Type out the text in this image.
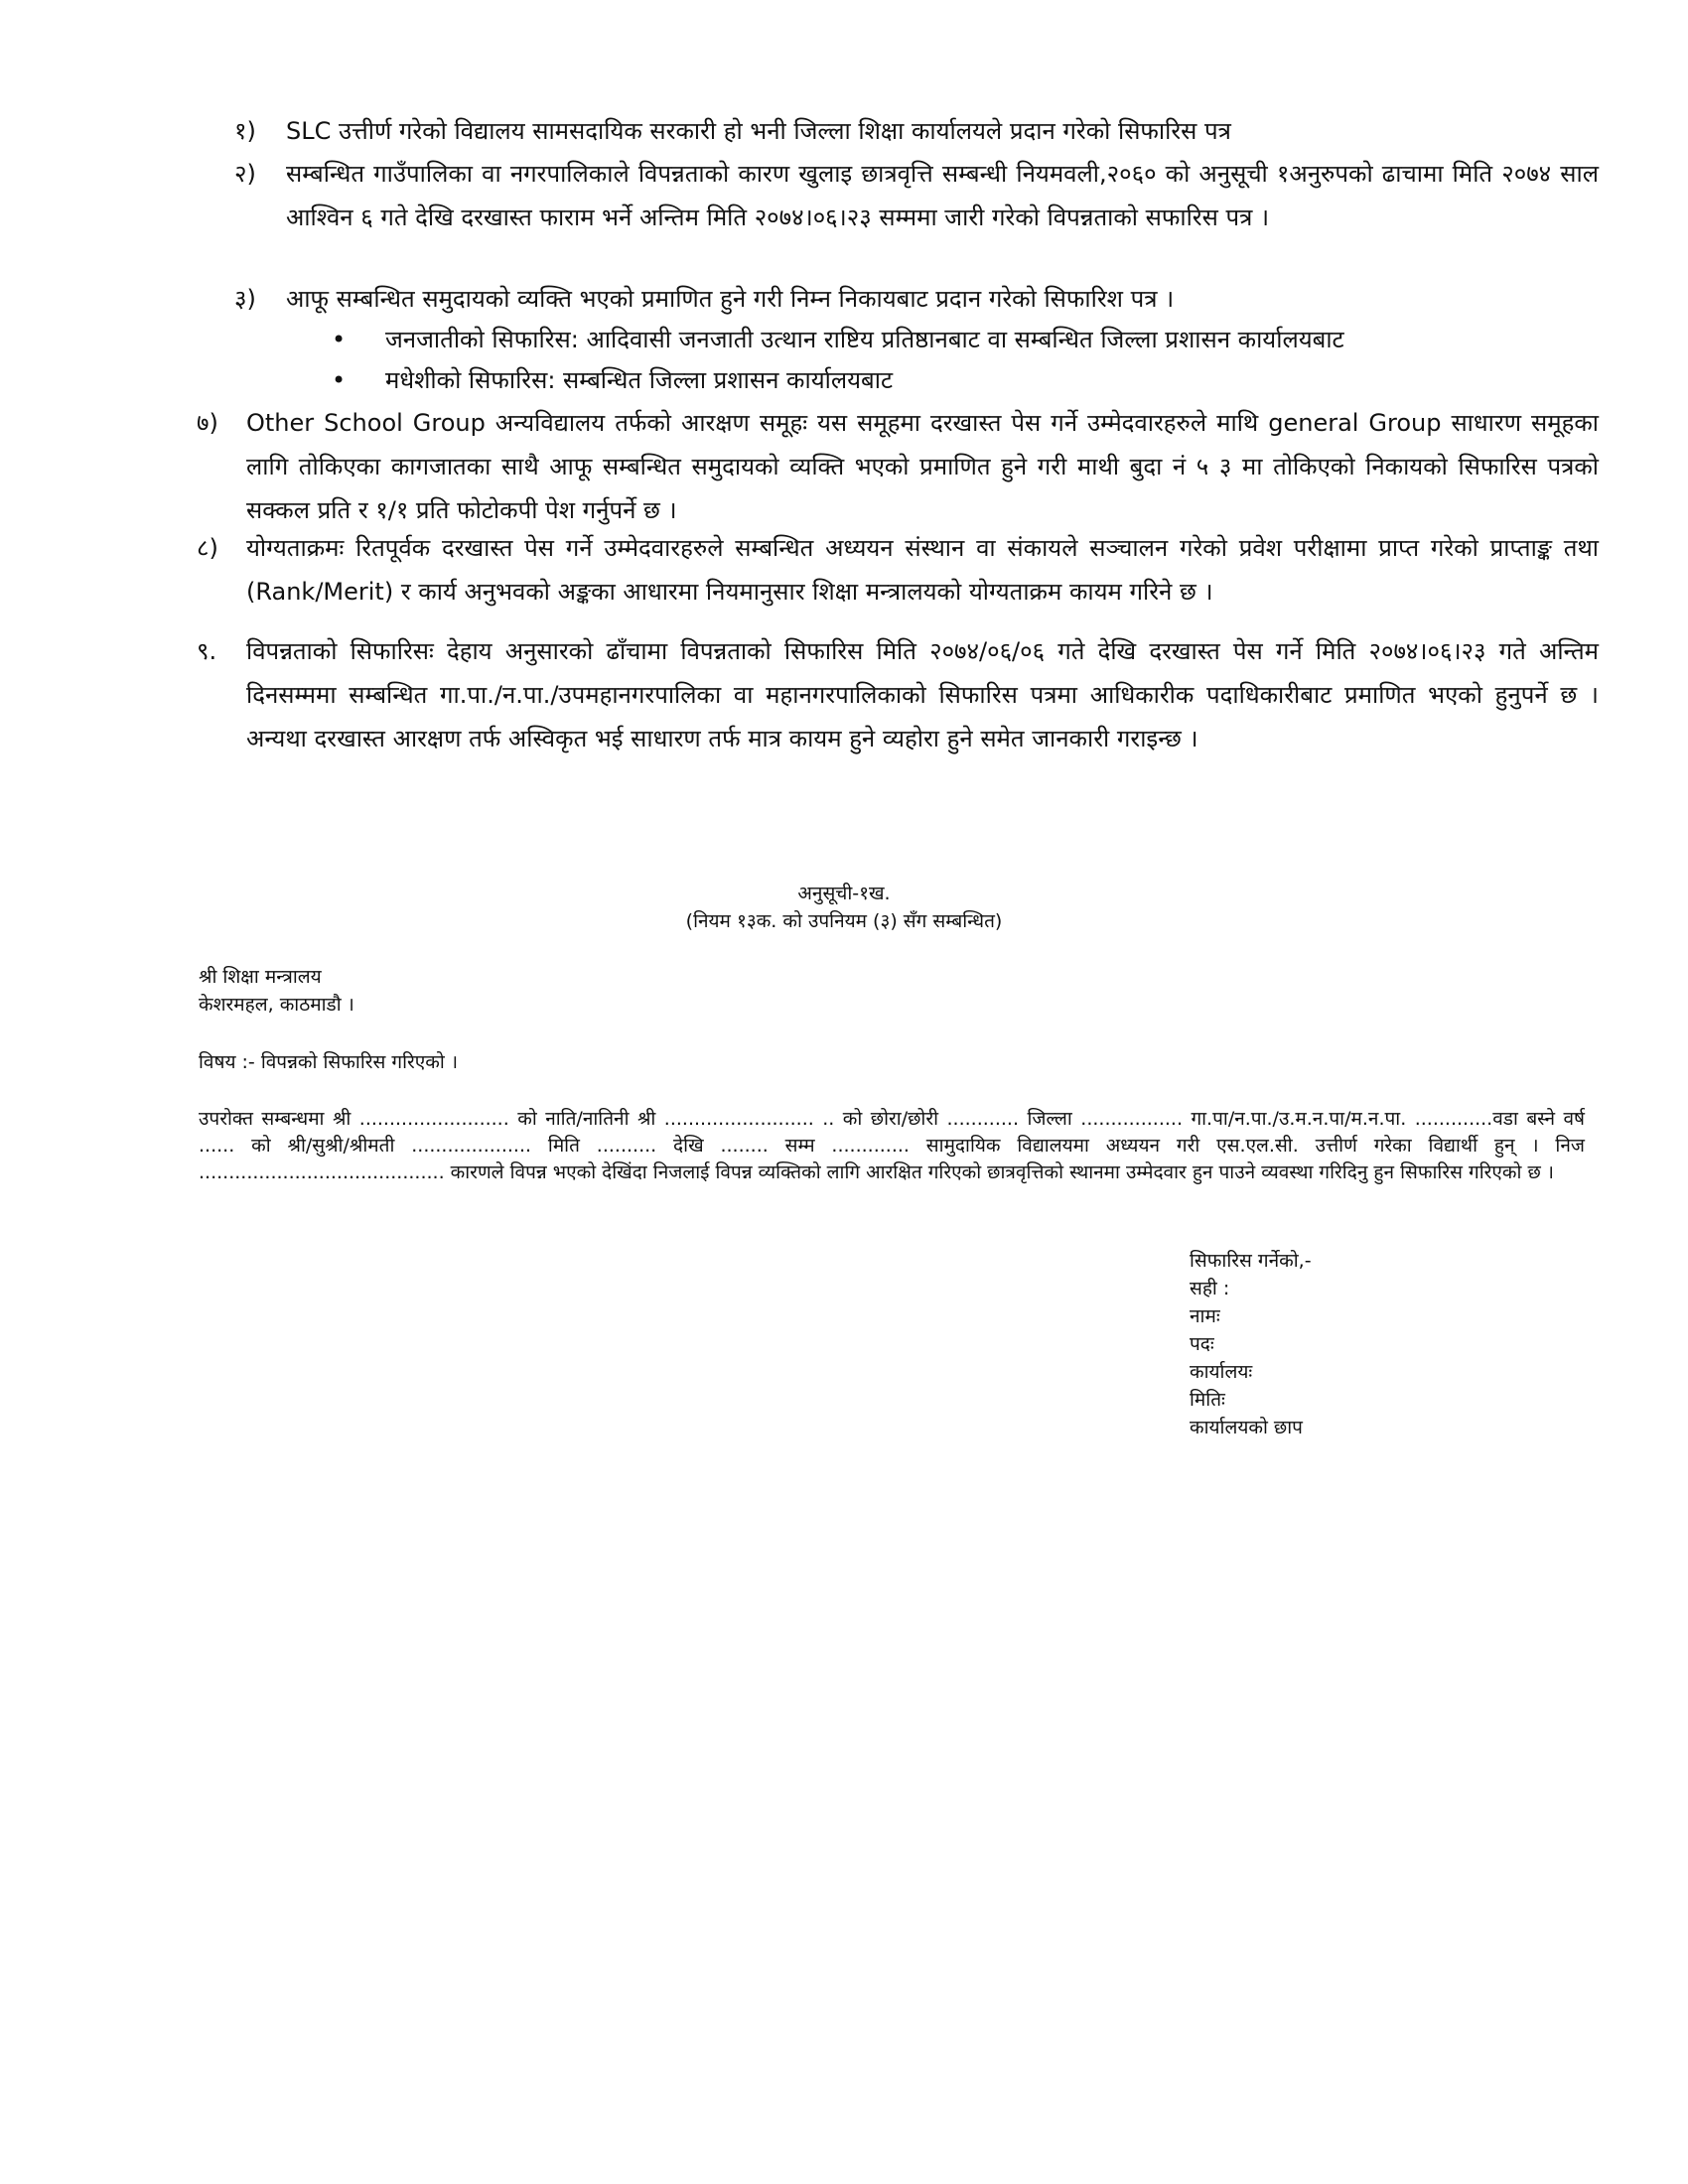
१) SLC उत्तीर्ण गरेको विद्यालय सामसदायिक सरकारी हो भनी जिल्ला शिक्षा कार्यालयले प्रदान गरेको सिफारिस पत्र
२) सम्बन्धित गाउँपालिका वा नगरपालिकाले विपन्नताको कारण खुलाइ छात्रवृत्ति सम्बन्धी नियमवली,२०६० को अनुसूची १अनुरुपको ढाचामा मिति २०७४ साल आश्विन ६ गते देखि दरखास्त फाराम भर्ने अन्तिम मिति २०७४।०६।२३ सम्ममा जारी गरेको विपन्नताको सफारिस पत्र ।
३) आफू सम्बन्धित समुदायको व्यक्ति भएको प्रमाणित हुने गरी निम्न निकायबाट प्रदान गरेको सिफारिश पत्र ।
• जनजातीको सिफारिस: आदिवासी जनजाती उत्थान राष्टिय प्रतिष्ठानबाट वा सम्बन्धित जिल्ला प्रशासन कार्यालयबाट
• मधेशीको सिफारिस: सम्बन्धित जिल्ला प्रशासन कार्यालयबाट
७) Other School Group अन्यविद्यालय तर्फको आरक्षण समूहः यस समूहमा दरखास्त पेस गर्ने उम्मेदवारहरुले माथि general Group साधारण समूहका लागि तोकिएका कागजातका साथै आफू सम्बन्धित समुदायको व्यक्ति भएको प्रमाणित हुने गरी माथी बुदा नं ५ ३ मा तोकिएको निकायको सिफारिस पत्रको सक्कल प्रति र १/१ प्रति फोटोकपी पेश गर्नुपर्ने छ ।
८) योग्यताक्रमः रितपूर्वक दरखास्त पेस गर्ने उम्मेदवारहरुले सम्बन्धित अध्ययन संस्थान वा संकायले सञ्चालन गरेको प्रवेश परीक्षामा प्राप्त गरेको प्राप्ताङ्क तथा (Rank/Merit) र कार्य अनुभवको अङ्कका आधारमा नियमानुसार शिक्षा मन्त्रालयको योग्यताक्रम कायम गरिने छ ।
९. विपन्नताको सिफारिसः देहाय अनुसारको ढाँचामा विपन्नताको सिफारिस मिति २०७४/०६/०६ गते देखि दरखास्त पेस गर्ने मिति २०७४।०६।२३ गते अन्तिम दिनसम्ममा सम्बन्धित गा.पा./न.पा./उपमहानगरपालिका वा महानगरपालिकाको सिफारिस पत्रमा आधिकारीक पदाधिकारीबाट प्रमाणित भएको हुनुपर्ने छ । अन्यथा दरखास्त आरक्षण तर्फ अस्विकृत भई साधारण तर्फ मात्र कायम हुने व्यहोरा हुने समेत जानकारी गराइन्छ ।
अनुसूची-१ख.
(नियम १३क. को उपनियम (३) सँग सम्बन्धित)
श्री शिक्षा मन्त्रालय
केशरमहल, काठमाडौ ।
विषय :- विपन्नको सिफारिस गरिएको ।
उपरोक्त सम्बन्धमा श्री ......................... को नाति/नातिनी श्री ......................... .. को छोरा/छोरी ............ जिल्ला ................. गा.पा/न.पा./उ.म.न.पा/म.न.पा. .............वडा बस्ने वर्ष ...... को श्री/सुश्री/श्रीमती .................... मिति .......... देखि ........ सम्म ............. सामुदायिक विद्यालयमा अध्ययन गरी एस.एल.सी. उत्तीर्ण गरेका विद्यार्थी हुन् । निज ......................................... कारणले विपन्न भएको देखिंदा निजलाई विपन्न व्यक्तिको लागि आरक्षित गरिएको छात्रवृत्तिको स्थानमा उम्मेदवार हुन पाउने व्यवस्था गरिदिनु हुन सिफारिस गरिएको छ ।
सिफारिस गर्नेको,-
सही :
नामः
पदः
कार्यालयः
मितिः
कार्यालयको छाप
